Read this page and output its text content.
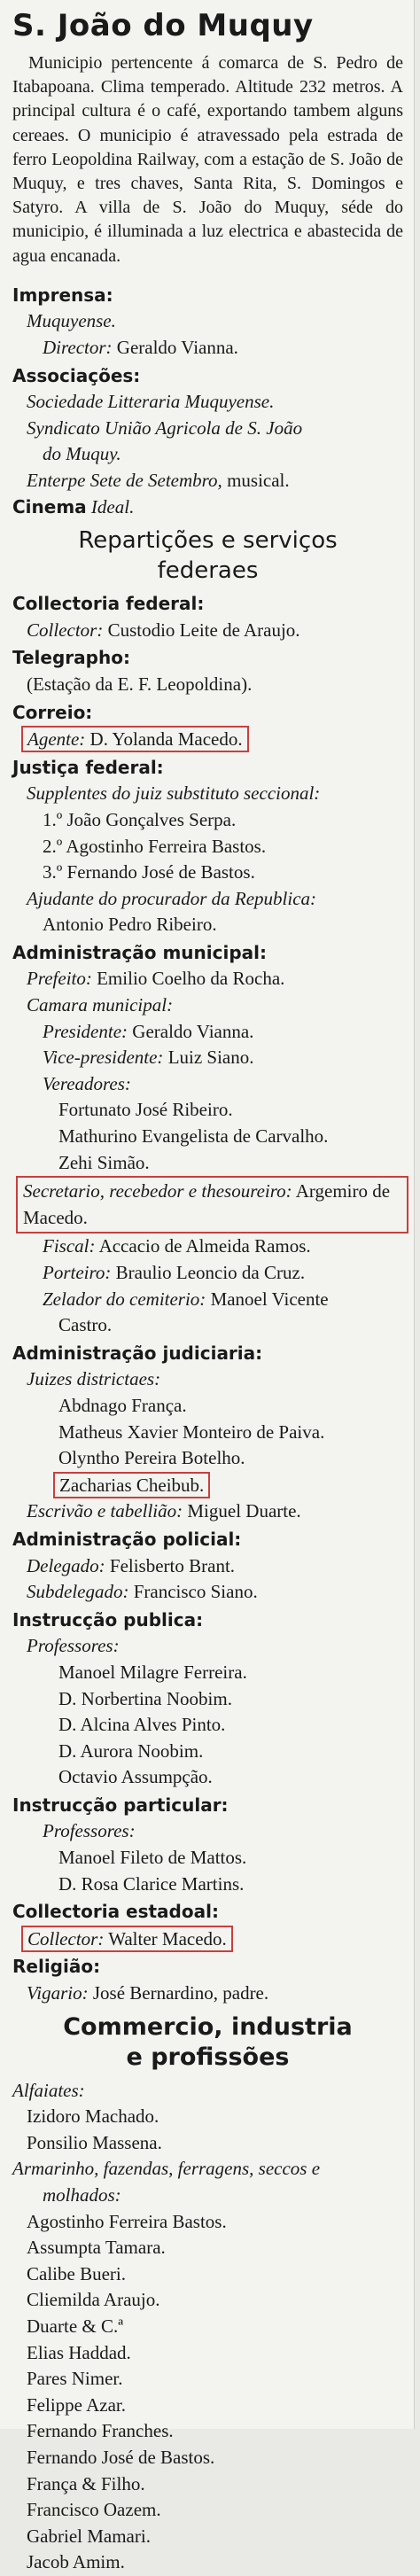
S. João do Muquy

Municipio pertencente á comarca de S. Pedro de Itabapoana. Clima temperado. Altitude 232 metros. A principal cultura é o café, exportando tambem alguns cereaes. O municipio é atravessado pela estrada de ferro Leopoldina Railway, com a estação de S. João de Muquy, e tres chaves, Santa Rita, S. Domingos e Satyro. A villa de S. João do Muquy, séde do municipio, é illuminada a luz electrica e abastecida de agua encanada.

Imprensa:
Muquyense.
Director: Geraldo Vianna.
Associações:
Sociedade Litteraria Muquyense.
Syndicato União Agricola de S. João
do Muquy.
Enterpe Sete de Setembro, musical.
Cinema Ideal.
Repartições e serviços
federaes
Collectoria federal:
Collector: Custodio Leite de Araujo.
Telegrapho:
(Estação da E. F. Leopoldina).
Correio:
Agente: D. Yolanda Macedo.
Justiça federal:
Supplentes do juiz substituto seccional:
1.º João Gonçalves Serpa.
2.º Agostinho Ferreira Bastos.
3.º Fernando José de Bastos.
Ajudante do procurador da Republica:
Antonio Pedro Ribeiro.
Administração municipal:
Prefeito: Emilio Coelho da Rocha.
Camara municipal:
Presidente: Geraldo Vianna.
Vice-presidente: Luiz Siano.
Vereadores:
Fortunato José Ribeiro.
Mathurino Evangelista de Carvalho.
Zehi Simão.
Secretario, recebedor e thesoureiro: Argemiro de Macedo.
Fiscal: Accacio de Almeida Ramos.
Porteiro: Braulio Leoncio da Cruz.
Zelador do cemiterio: Manoel Vicente
Castro.
Administração judiciaria:
Juizes districtaes:
Abdnago França.
Matheus Xavier Monteiro de Paiva.
Olyntho Pereira Botelho.
Zacharias Cheibub.
Escrivão e tabellião: Miguel Duarte.
Administração policial:
Delegado: Felisberto Brant.
Subdelegado: Francisco Siano.
Instrucção publica:
Professores:
Manoel Milagre Ferreira.
D. Norbertina Noobim.
D. Alcina Alves Pinto.
D. Aurora Noobim.
Octavio Assumpção.
Instrucção particular:
Professores:
Manoel Fileto de Mattos.
D. Rosa Clarice Martins.
Collectoria estadoal:
Collector: Walter Macedo.
Religião:
Vigario: José Bernardino, padre.
Commercio, industria
e profissões
Alfaiates:
Izidoro Machado.
Ponsilio Massena.
Armarinho, fazendas, ferragens, seccos e
molhados:
Agostinho Ferreira Bastos.
Assumpta Tamara.
Calibe Bueri.
Cliemilda Araujo.
Duarte & C.ª
Elias Haddad.
Pares Nimer.
Felippe Azar.
Fernando Franches.
Fernando José de Bastos.
França & Filho.
Francisco Oazem.
Gabriel Mamari.
Jacob Amim.
